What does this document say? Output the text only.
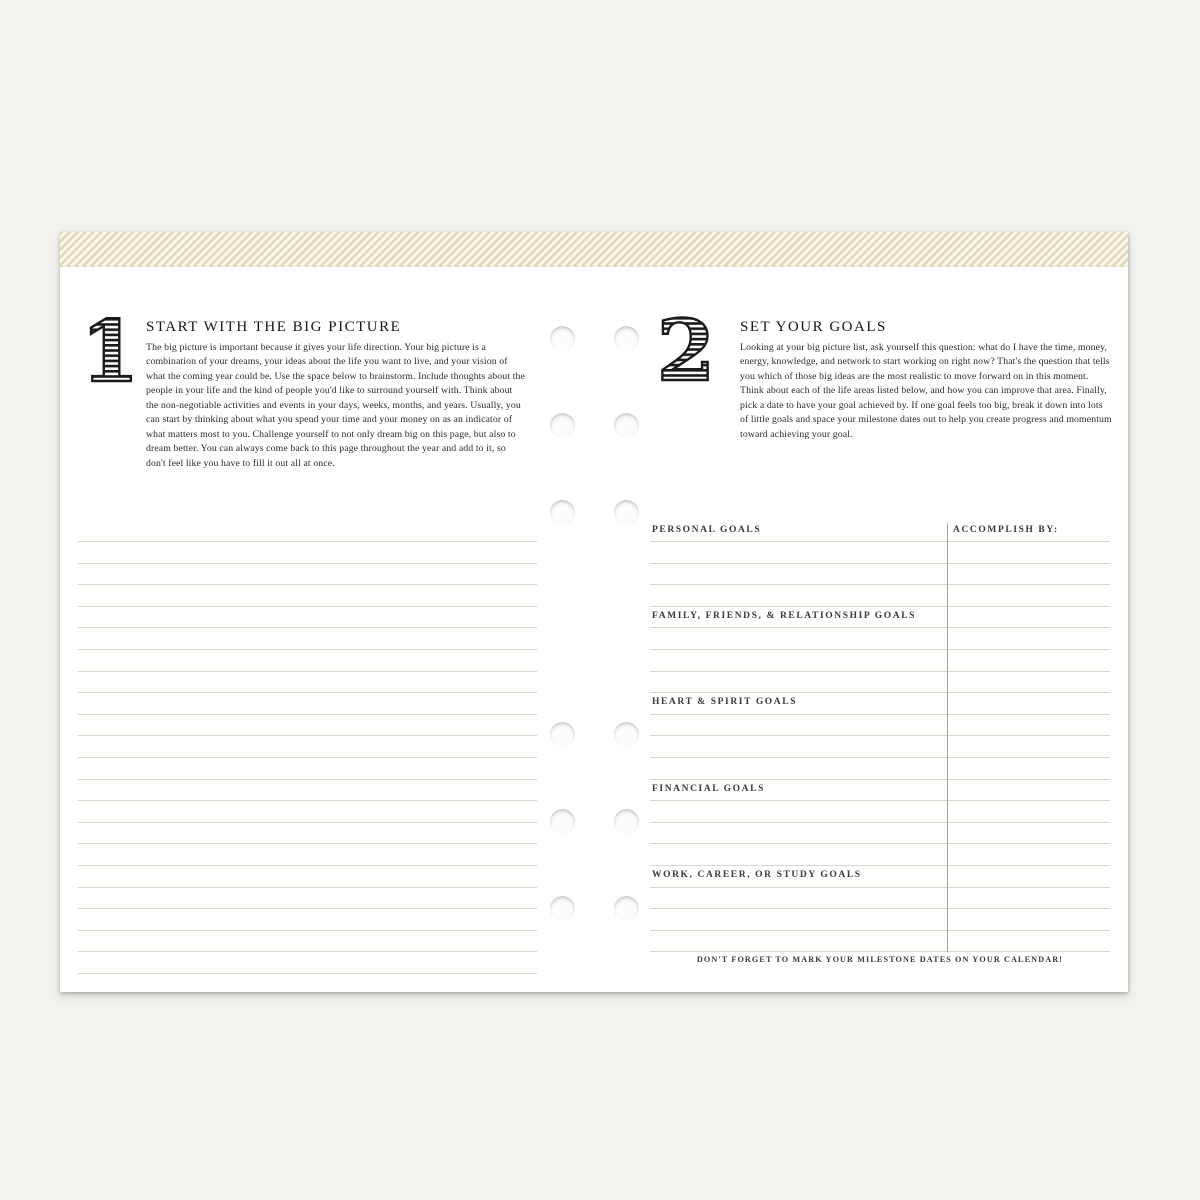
1 START WITH THE BIG PICTURE
The big picture is important because it gives your life direction. Your big picture is a combination of your dreams, your ideas about the life you want to live, and your vision of what the coming year could be. Use the space below to brainstorm. Include thoughts about the people in your life and the kind of people you'd like to surround yourself with. Think about the non-negotiable activities and events in your days, weeks, months, and years. Usually, you can start by thinking about what you spend your time and your money on as an indicator of what matters most to you. Challenge yourself to not only dream big on this page, but also to dream better. You can always come back to this page throughout the year and add to it, so don't feel like you have to fill it out all at once.
2 SET YOUR GOALS
Looking at your big picture list, ask yourself this question: what do I have the time, money, energy, knowledge, and network to start working on right now? That's the question that tells you which of those big ideas are the most realistic to move forward on in this moment. Think about each of the life areas listed below, and how you can improve that area. Finally, pick a date to have your goal achieved by. If one goal feels too big, break it down into lots of little goals and space your milestone dates out to help you create progress and momentum toward achieving your goal.
PERSONAL GOALS	ACCOMPLISH BY:
FAMILY, FRIENDS, & RELATIONSHIP GOALS
HEART & SPIRIT GOALS
FINANCIAL GOALS
WORK, CAREER, OR STUDY GOALS
DON'T FORGET TO MARK YOUR MILESTONE DATES ON YOUR CALENDAR!
